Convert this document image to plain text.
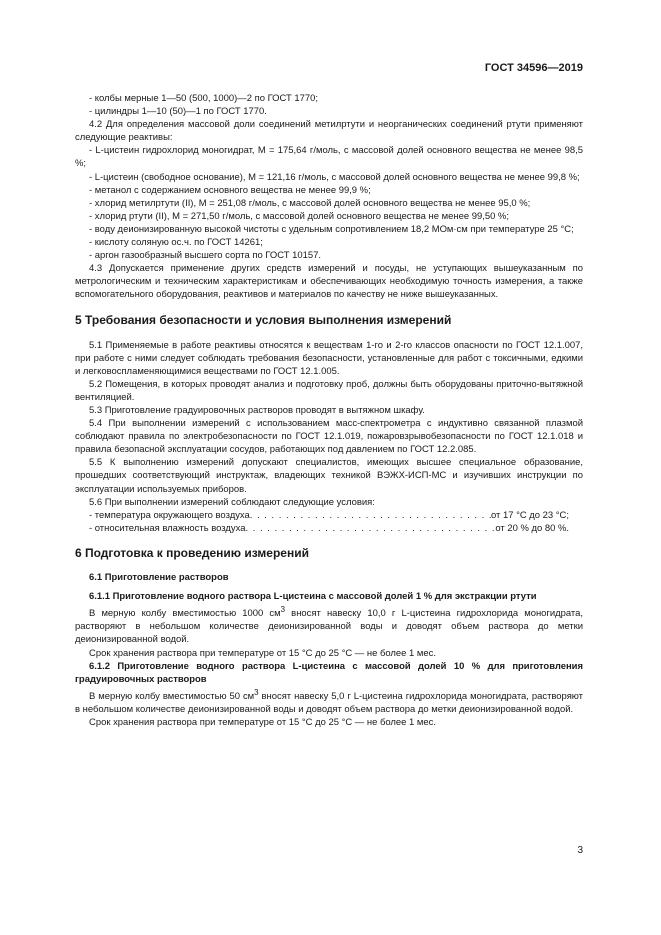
ГОСТ 34596—2019

- колбы мерные 1—50 (500, 1000)—2 по ГОСТ 1770;

- цилиндры 1—10 (50)—1 по ГОСТ 1770.

4.2 Для определения массовой доли соединений метилртути и неорганических соединений ртути применяют следующие реактивы:

- L-цистеин гидрохлорид моногидрат, M = 175,64 г/моль, с массовой долей основного вещества не менее 98,5 %;

- L-цистеин (свободное основание), M = 121,16 г/моль, с массовой долей основного вещества не менее 99,8 %;

- метанол с содержанием основного вещества не менее 99,9 %;

- хлорид метилртути (II), M = 251,08 г/моль, с массовой долей основного вещества не менее 95,0 %;

- хлорид ртути (II), M = 271,50 г/моль, с массовой долей основного вещества не менее 99,50 %;

- воду деионизированную высокой чистоты с удельным сопротивлением 18,2 МОм·см при температуре 25 °С;

- кислоту соляную ос.ч. по ГОСТ 14261;

- аргон газообразный высшего сорта по ГОСТ 10157.

4.3 Допускается применение других средств измерений и посуды, не уступающих вышеуказанным по метрологическим и техническим характеристикам и обеспечивающих необходимую точность измерения, а также вспомогательного оборудования, реактивов и материалов по качеству не ниже вышеуказанных.

5 Требования безопасности и условия выполнения измерений

5.1 Применяемые в работе реактивы относятся к веществам 1-го и 2-го классов опасности по ГОСТ 12.1.007, при работе с ними следует соблюдать требования безопасности, установленные для работ с токсичными, едкими и легковоспламеняющимися веществами по ГОСТ 12.1.005.

5.2 Помещения, в которых проводят анализ и подготовку проб, должны быть оборудованы приточно-вытяжной вентиляцией.

5.3 Приготовление градуировочных растворов проводят в вытяжном шкафу.

5.4 При выполнении измерений с использованием масс-спектрометра с индуктивно связанной плазмой соблюдают правила по электробезопасности по ГОСТ 12.1.019, пожаровзрывобезопасности по ГОСТ 12.1.018 и правила безопасной эксплуатации сосудов, работающих под давлением по ГОСТ 12.2.085.

5.5 К выполнению измерений допускают специалистов, имеющих высшее специальное образование, прошедших соответствующий инструктаж, владеющих техникой ВЭЖХ-ИСП-МС и изучивших инструкции по эксплуатации используемых приборов.

5.6 При выполнении измерений соблюдают следующие условия:

- температура окружающего воздуха . . .	от 17 °С до 23 °С;
- относительная влажность воздуха . . .	от 20 % до 80 %.

6 Подготовка к проведению измерений

6.1 Приготовление растворов

6.1.1 Приготовление водного раствора L-цистеина с массовой долей 1 % для экстракции ртути

В мерную колбу вместимостью 1000 $см^3$ вносят навеску 10,0 г L-цистеина гидрохлорида моногидрата, растворяют в небольшом количестве деионизированной воды и доводят объем раствора до метки деионизированной водой.

Срок хранения раствора при температуре от 15 °С до 25 °С — не более 1 мес.

6.1.2 Приготовление водного раствора L-цистеина с массовой долей 10 % для приготовления градуировочных растворов

В мерную колбу вместимостью 50 $см^3$ вносят навеску 5,0 г L-цистеина гидрохлорида моногидрата, растворяют в небольшом количестве деионизированной воды и доводят объем раствора до метки деионизированной водой.

Срок хранения раствора при температуре от 15 °С до 25 °С — не более 1 мес.

3
